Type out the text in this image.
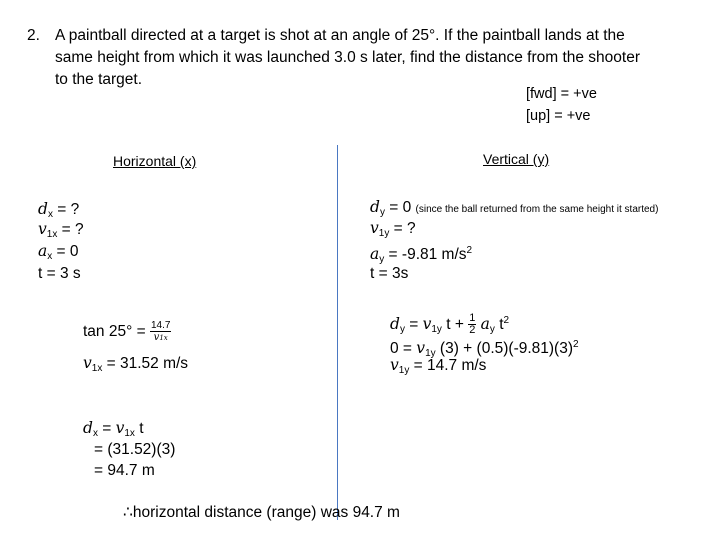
2. A paintball directed at a target is shot at an angle of 25°. If the paintball lands at the
same height from which it was launched 3.0 s later, find the distance from the shooter
to the target.
[fwd] = +ve
[up] = +ve
Horizontal (x)	Vertical (y)
$d_x$ = ?
$v_{1x}$ = ?
$a_x = 0$
t = 3 s
$\tan 25^\circ = \frac{14.7}{v1x}$
$v_{1x} = 31.52$ m/s
$d_x = v_{1x}$ t
= (31.52)(3)
= 94.7 m
$d_y = 0$ (since the ball returned from the same height it started)
$v_{1y}$ = ?
$a_y = -9.81$ $m/s^2$
t = 3s
$d_y = v_{1y}$ $t + \frac{1}{2} a_y$ $t^2$
$0 = v_{1y}$ $(3) + (0.5)(-9.81)(3)^2$
$v_{1y} = 14.7$ m/s
∴horizontal distance (range) was 94.7 m
